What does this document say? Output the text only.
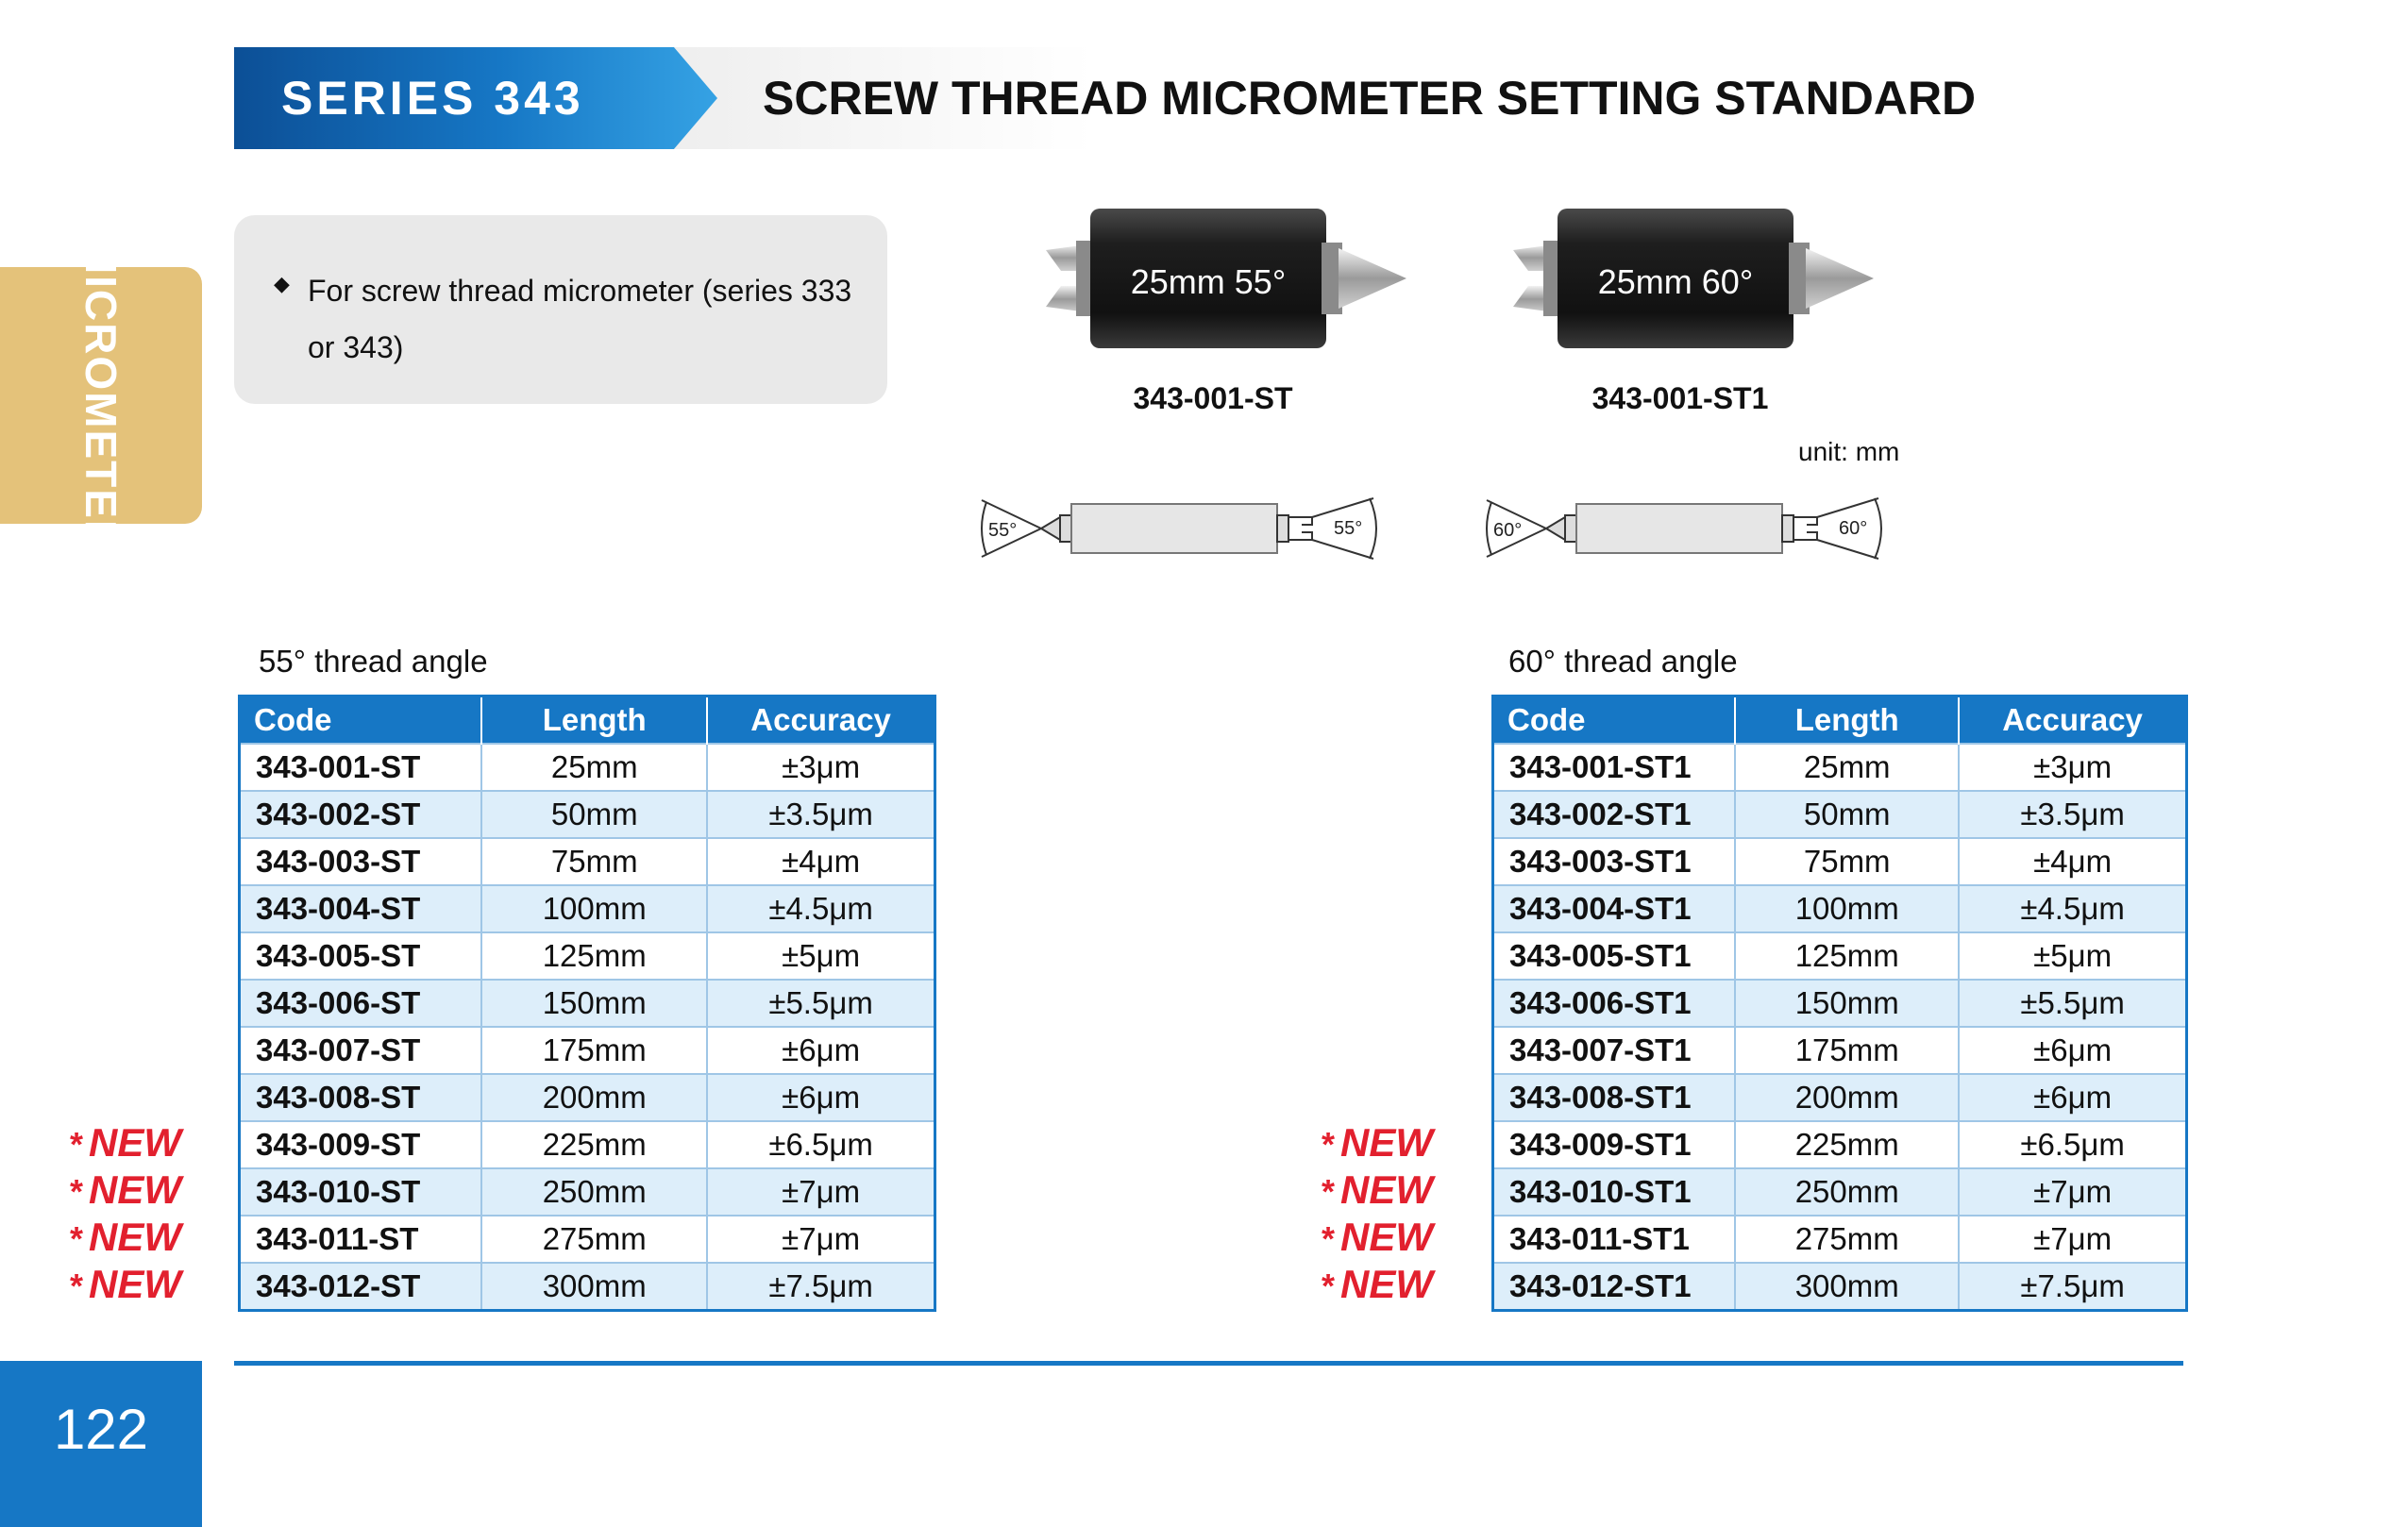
SERIES 343	SCREW THREAD MICROMETER SETTING STANDARD
MICROMETER	◆ For screw thread micrometer (series 333 or 343)
25mm 55°
343-001-ST
25mm 60°
343-001-ST1
unit: mm
55°	55°	60°	60°
55° thread angle
Code	Length	Accuracy
343-001-ST	25mm	±3μm
343-002-ST	50mm	±3.5μm
343-003-ST	75mm	±4μm
343-004-ST	100mm	±4.5μm
343-005-ST	125mm	±5μm
343-006-ST	150mm	±5.5μm
343-007-ST	175mm	±6μm
343-008-ST	200mm	±6μm
343-009-ST	225mm	±6.5μm
343-010-ST	250mm	±7μm
343-011-ST	275mm	±7μm
343-012-ST	300mm	±7.5μm
* NEW
* NEW
* NEW
* NEW
60° thread angle
Code	Length	Accuracy
343-001-ST1	25mm	±3μm
343-002-ST1	50mm	±3.5μm
343-003-ST1	75mm	±4μm
343-004-ST1	100mm	±4.5μm
343-005-ST1	125mm	±5μm
343-006-ST1	150mm	±5.5μm
343-007-ST1	175mm	±6μm
343-008-ST1	200mm	±6μm
343-009-ST1	225mm	±6.5μm
343-010-ST1	250mm	±7μm
343-011-ST1	275mm	±7μm
343-012-ST1	300mm	±7.5μm
* NEW
* NEW
* NEW
* NEW
122
